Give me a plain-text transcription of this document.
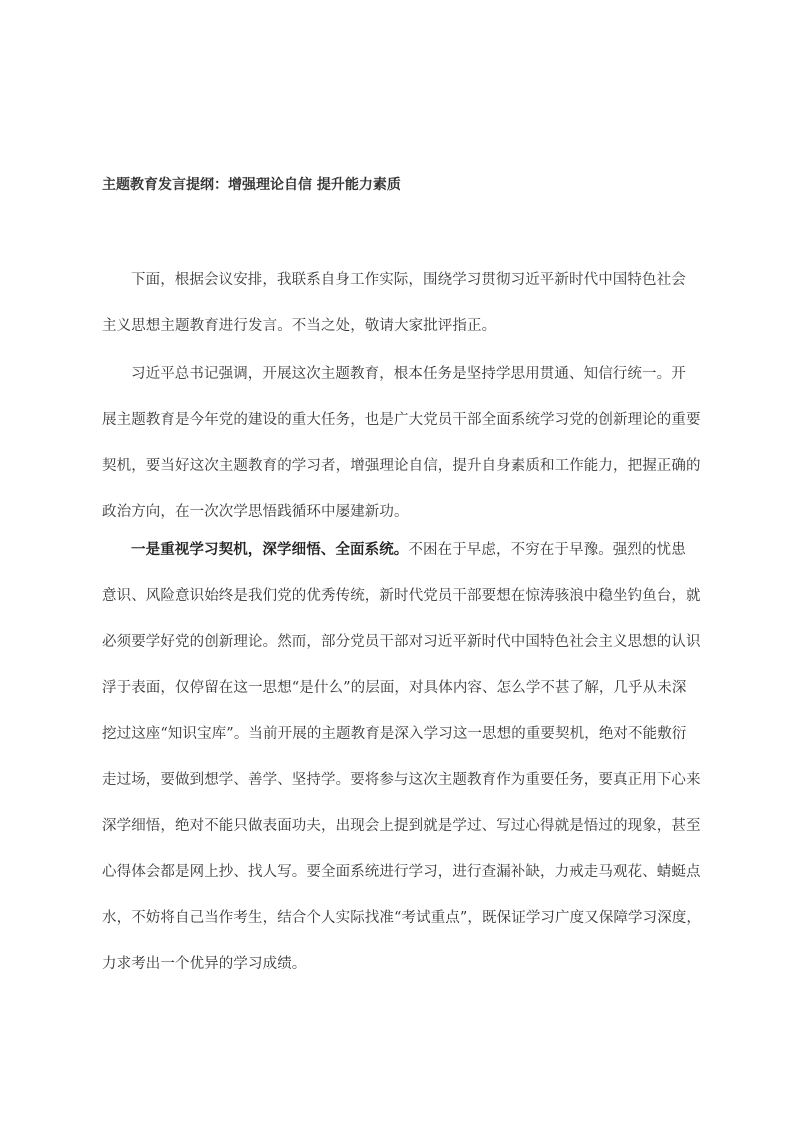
主题教育发言提纲：增强理论自信 提升能力素质
下面，根据会议安排，我联系自身工作实际，围绕学习贯彻习近平新时代中国特色社会
主义思想主题教育进行发言。不当之处，敬请大家批评指正。
习近平总书记强调，开展这次主题教育，根本任务是坚持学思用贯通、知信行统一。开
展主题教育是今年党的建设的重大任务，也是广大党员干部全面系统学习党的创新理论的重要
契机，要当好这次主题教育的学习者，增强理论自信，提升自身素质和工作能力，把握正确的
政治方向，在一次次学思悟践循环中屡建新功。
一是重视学习契机，深学细悟、全面系统。不困在于早虑，不穷在于早豫。强烈的忧患
意识、风险意识始终是我们党的优秀传统，新时代党员干部要想在惊涛骇浪中稳坐钓鱼台，就
必须要学好党的创新理论。然而，部分党员干部对习近平新时代中国特色社会主义思想的认识
浮于表面，仅停留在这一思想“是什么”的层面，对具体内容、怎么学不甚了解，几乎从未深
挖过这座“知识宝库”。当前开展的主题教育是深入学习这一思想的重要契机，绝对不能敷衍
走过场，要做到想学、善学、坚持学。要将参与这次主题教育作为重要任务，要真正用下心来
深学细悟，绝对不能只做表面功夫，出现会上提到就是学过、写过心得就是悟过的现象，甚至
心得体会都是网上抄、找人写。要全面系统进行学习，进行查漏补缺，力戒走马观花、蜻蜓点
水，不妨将自己当作考生，结合个人实际找准“考试重点”，既保证学习广度又保障学习深度，
力求考出一个优异的学习成绩。
